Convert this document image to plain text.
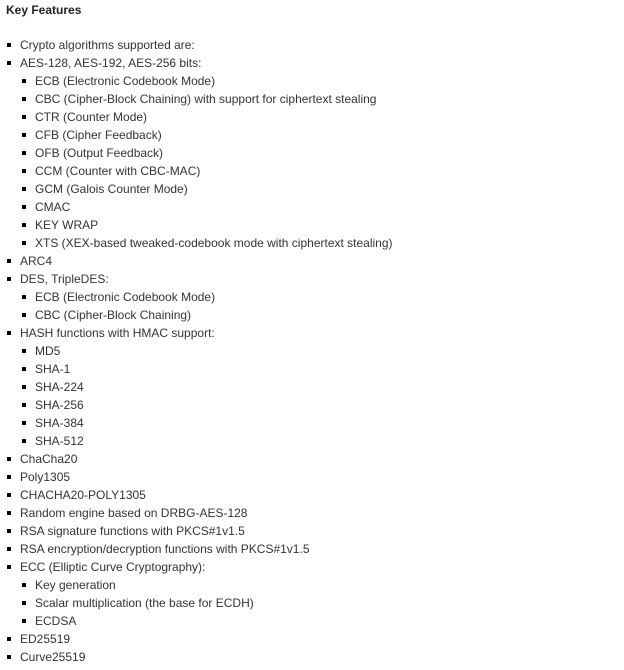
Key Features
Crypto algorithms supported are:
AES-128, AES-192, AES-256 bits:
ECB (Electronic Codebook Mode)
CBC (Cipher-Block Chaining) with support for ciphertext stealing
CTR (Counter Mode)
CFB (Cipher Feedback)
OFB (Output Feedback)
CCM (Counter with CBC-MAC)
GCM (Galois Counter Mode)
CMAC
KEY WRAP
XTS (XEX-based tweaked-codebook mode with ciphertext stealing)
ARC4
DES, TripleDES:
ECB (Electronic Codebook Mode)
CBC (Cipher-Block Chaining)
HASH functions with HMAC support:
MD5
SHA-1
SHA-224
SHA-256
SHA-384
SHA-512
ChaCha20
Poly1305
CHACHA20-POLY1305
Random engine based on DRBG-AES-128
RSA signature functions with PKCS#1v1.5
RSA encryption/decryption functions with PKCS#1v1.5
ECC (Elliptic Curve Cryptography):
Key generation
Scalar multiplication (the base for ECDH)
ECDSA
ED25519
Curve25519
